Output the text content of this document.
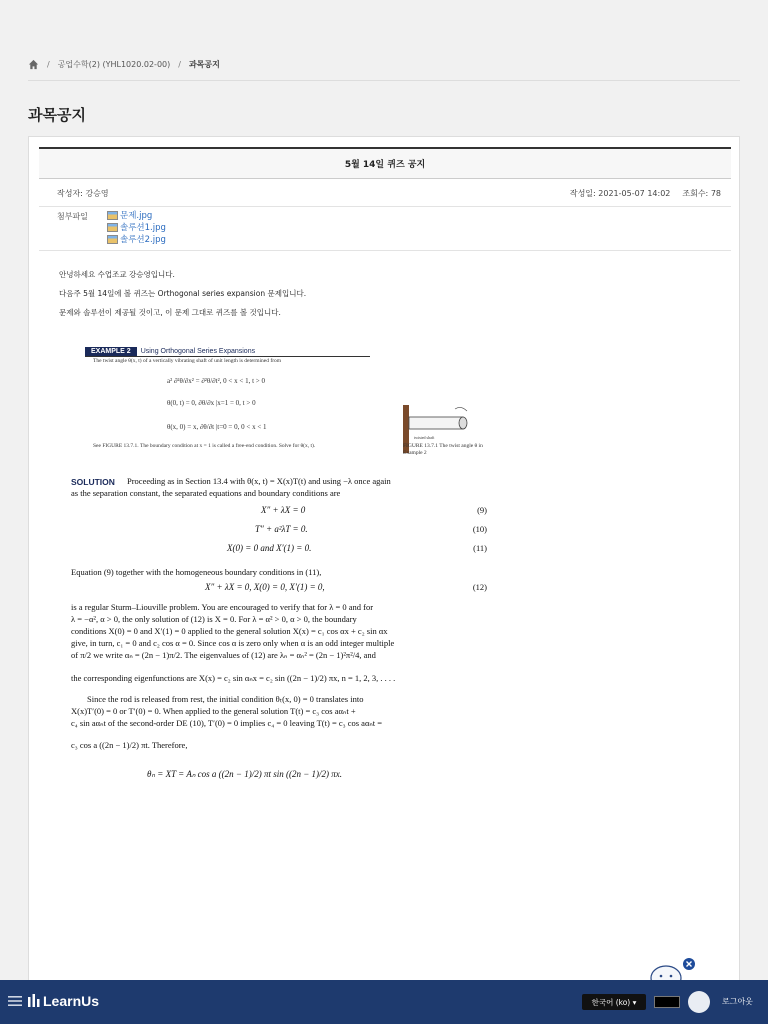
/ 공업수학(2) (YHL1020.02-00) / 과목공지
과목공지
5월 14일 퀴즈 공지
작성자: 강승영	작성일: 2021-05-07 14:02 조회수: 78
첨부파일	문제.jpg
솔루션1.jpg
솔루션2.jpg
안녕하세요 수업조교 강승영입니다.
다음주 5월 14일에 볼 퀴즈는 Orthogonal series expansion 문제입니다.
문제와 솔루션이 제공될 것이고, 이 문제 그대로 퀴즈를 볼 것입니다.
EXAMPLE 2	Using Orthogonal Series Expansions
The twist angle θ(x, t) of a vertically vibrating shaft of unit length is determined from
a² ∂²θ/∂x² = ∂²θ/∂t², 0 < x < 1, t > 0
θ(0, t) = 0, ∂θ/∂x |x=1 = 0, t > 0
θ(x, 0) = x, ∂θ/∂t |t=0 = 0, 0 < x < 1
See FIGURE 13.7.1. The boundary condition at x = 1 is called a free-end condition. Solve for θ(x, t).
twisted shaft
FIGURE 13.7.1 The twist angle θ in Example 2
SOLUTION Proceeding as in Section 13.4 with θ(x, t) = X(x)T(t) and using −λ once again
as the separation constant, the separated equations and boundary conditions are
X″ + λX = 0	(9)
T″ + a²λT = 0.	(10)
X(0) = 0 and X′(1) = 0.	(11)
Equation (9) together with the homogeneous boundary conditions in (11),
X″ + λX = 0, X(0) = 0, X′(1) = 0,	(12)
is a regular Sturm–Liouville problem. You are encouraged to verify that for λ = 0 and for
λ = −α², α > 0, the only solution of (12) is X = 0. For λ = α² > 0, α > 0, the boundary
conditions X(0) = 0 and X′(1) = 0 applied to the general solution X(x) = c₁ cos αx + c₂ sin αx
give, in turn, c₁ = 0 and c₂ cos α = 0. Since cos α is zero only when α is an odd integer multiple
of π/2 we write αₙ = (2n − 1)π/2. The eigenvalues of (12) are λₙ = αₙ² = (2n − 1)²π²/4, and
the corresponding eigenfunctions are X(x) = c₂ sin αₙx = c₂ sin ((2n − 1)/2) πx, n = 1, 2, 3, . . . .
Since the rod is released from rest, the initial condition θₜ(x, 0) = 0 translates into
X(x)T′(0) = 0 or T′(0) = 0. When applied to the general solution T(t) = c₃ cos aαₙt +
c₄ sin aαₙt of the second-order DE (10), T′(0) = 0 implies c₄ = 0 leaving T(t) = c₃ cos aαₙt =
c₃ cos a ((2n − 1)/2) πt. Therefore,
θₙ = XT = Aₙ cos a ((2n − 1)/2) πt sin ((2n − 1)/2) πx.
LearnUs	한국어 (ko) ▾	로그아웃
